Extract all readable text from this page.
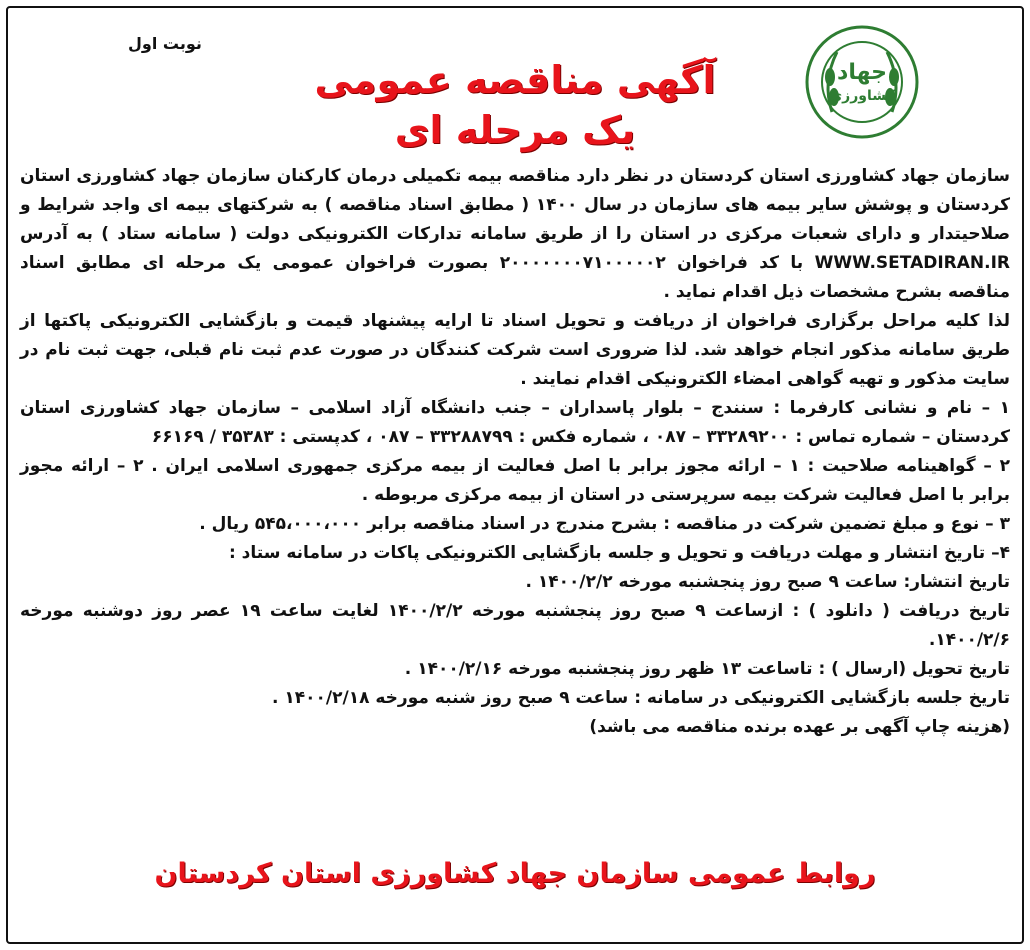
نوبت اول
جهاد
کشاورزی
آگهی مناقصه عمومی
یک مرحله ای

سازمان جهاد کشاورزی استان کردستان در نظر دارد مناقصه بیمه تکمیلی درمان کارکنان سازمان جهاد کشاورزی استان کردستان و پوشش سایر بیمه های سازمان در سال ۱۴۰۰ ( مطابق اسناد مناقصه ) به شرکتهای بیمه ای واجد شرایط و صلاحیتدار و دارای شعبات مرکزی در استان را از طریق سامانه تدارکات الکترونیکی دولت ( سامانه ستاد ) به آدرس WWW.SETADIRAN.IR با کد فراخوان ۲۰۰۰۰۰۰۰۷۱۰۰۰۰۰۲ بصورت فراخوان عمومی یک مرحله ای مطابق اسناد مناقصه بشرح مشخصات ذیل اقدام نماید .

لذا کلیه مراحل برگزاری فراخوان از دریافت و تحویل اسناد تا ارایه پیشنهاد قیمت و بازگشایی الکترونیکی پاکتها از طریق سامانه مذکور انجام خواهد شد. لذا ضروری است شرکت کنندگان در صورت عدم ثبت نام قبلی، جهت ثبت نام در سایت مذکور و تهیه گواهی امضاء الکترونیکی اقدام نمایند .

۱ – نام و نشانی کارفرما : سنندج – بلوار پاسداران – جنب دانشگاه آزاد اسلامی – سازمان جهاد کشاورزی استان کردستان – شماره تماس : ۳۳۲۸۹۲۰۰ – ۰۸۷ ، شماره فکس : ۳۳۲۸۸۷۹۹ – ۰۸۷ ، کدپستی : ۳۵۳۸۳ / ۶۶۱۶۹

۲ – گواهینامه صلاحیت : ۱ – ارائه مجوز برابر با اصل فعالیت از بیمه مرکزی جمهوری اسلامی ایران . ۲ – ارائه مجوز برابر با اصل فعالیت شرکت بیمه سرپرستی در استان از بیمه مرکزی مربوطه .

۳ – نوع و مبلغ تضمین شرکت در مناقصه : بشرح مندرج در اسناد مناقصه برابر ۵۴۵،۰۰۰،۰۰۰ ریال .

۴– تاریخ انتشار و مهلت دریافت و تحویل و جلسه بازگشایی الکترونیکی پاکات در سامانه ستاد :

تاریخ انتشار: ساعت ۹ صبح روز پنجشنبه مورخه ۱۴۰۰/۲/۲ .

تاریخ دریافت ( دانلود ) : ازساعت ۹ صبح روز پنجشنبه مورخه ۱۴۰۰/۲/۲ لغایت ساعت ۱۹ عصر روز دوشنبه مورخه ۱۴۰۰/۲/۶.

تاریخ تحویل (ارسال ) : تاساعت ۱۳ ظهر روز پنجشنبه مورخه ۱۴۰۰/۲/۱۶ .

تاریخ جلسه بازگشایی الکترونیکی در سامانه : ساعت ۹ صبح روز شنبه مورخه ۱۴۰۰/۲/۱۸ .

(هزینه چاپ آگهی بر عهده برنده مناقصه می باشد)

روابط عمومی سازمان جهاد کشاورزی استان کردستان
